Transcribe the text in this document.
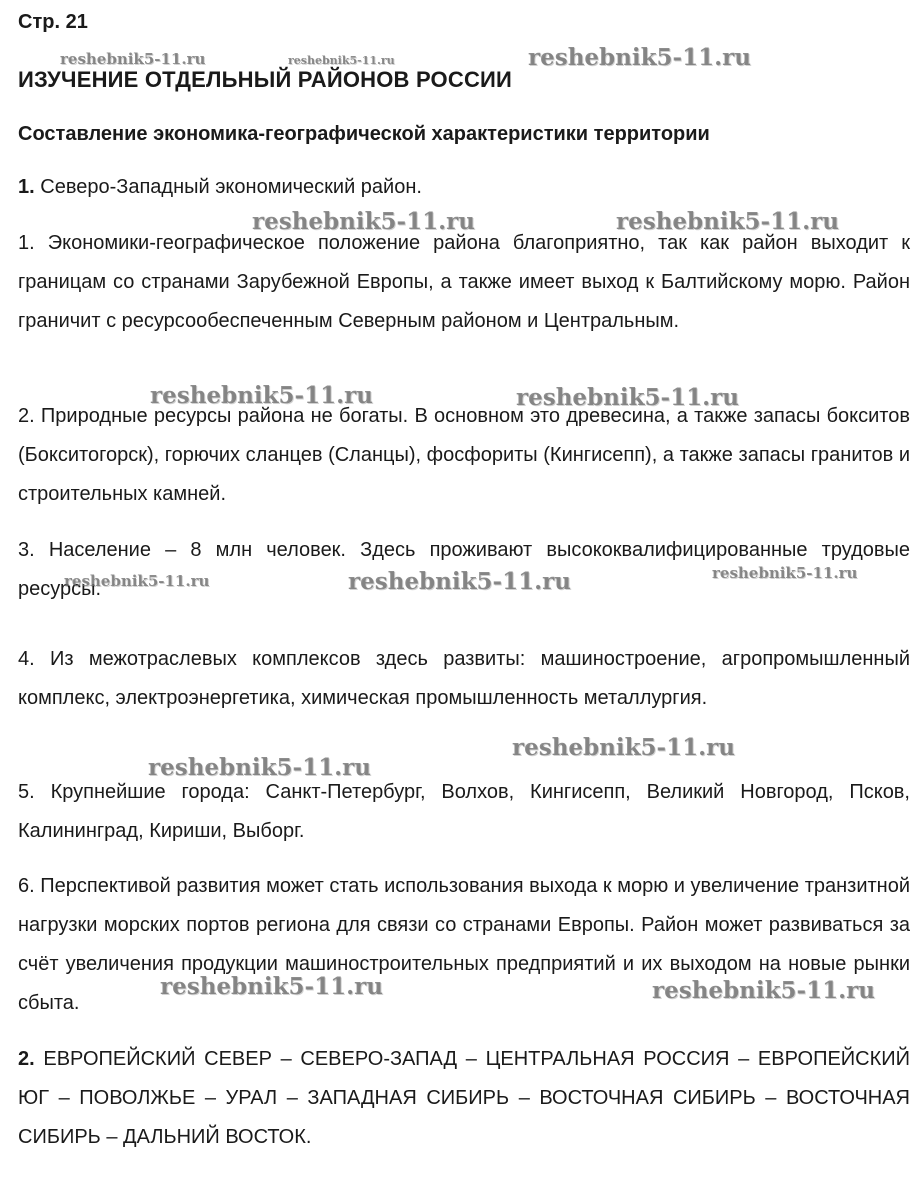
Стр. 21
reshebnik5-11.ru	reshebnik5-11.ru	reshebnik5-11.ru
ИЗУЧЕНИЕ ОТДЕЛЬНЫЙ РАЙОНОВ РОССИИ
Составление экономика-географической характеристики территории
1. Северо-Западный экономический район.
reshebnik5-11.ru	reshebnik5-11.ru
1. Экономики-географическое положение района благоприятно, так как район выходит к границам со странами Зарубежной Европы, а также имеет выход к Балтийскому морю. Район граничит с ресурсообеспеченным Северным районом и Центральным.
reshebnik5-11.ru	reshebnik5-11.ru
2. Природные ресурсы района не богаты. В основном это древесина, а также запасы бокситов (Бокситогорск), горючих сланцев (Сланцы), фосфориты (Кингисепп), а также запасы гранитов и строительных камней.
3. Население – 8 млн человек. Здесь проживают высококвалифицированные трудовые ресурсы.
reshebnik5-11.ru	reshebnik5-11.ru	reshebnik5-11.ru
4. Из межотраслевых комплексов здесь развиты: машиностроение, агропромышленный комплекс, электроэнергетика, химическая промышленность металлургия.
reshebnik5-11.ru
reshebnik5-11.ru
5. Крупнейшие города: Санкт-Петербург, Волхов, Кингисепп, Великий Новгород, Псков, Калининград, Кириши, Выборг.
6. Перспективой развития может стать использования выхода к морю и увеличение транзитной нагрузки морских портов региона для связи со странами Европы. Район может развиваться за счёт увеличения продукции машиностроительных предприятий и их выходом на новые рынки сбыта.
reshebnik5-11.ru	reshebnik5-11.ru
2. ЕВРОПЕЙСКИЙ СЕВЕР – СЕВЕРО-ЗАПАД – ЦЕНТРАЛЬНАЯ РОССИЯ – ЕВРОПЕЙСКИЙ ЮГ – ПОВОЛЖЬЕ – УРАЛ – ЗАПАДНАЯ СИБИРЬ – ВОСТОЧНАЯ СИБИРЬ – ВОСТОЧНАЯ СИБИРЬ – ДАЛЬНИЙ ВОСТОК.
